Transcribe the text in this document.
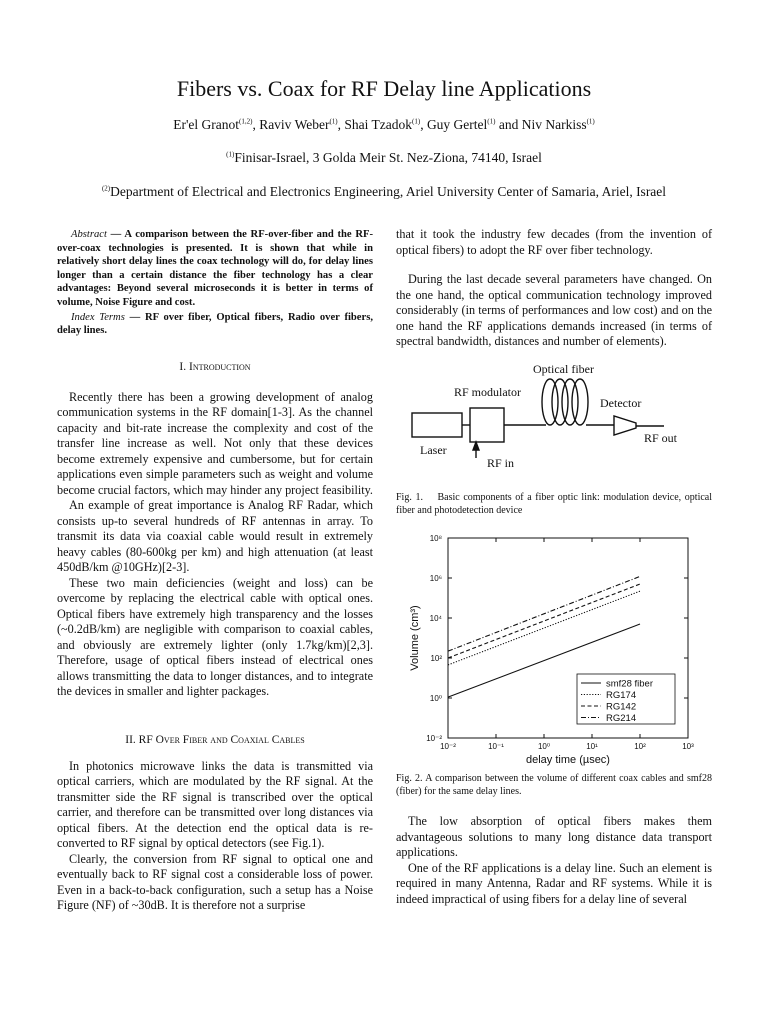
Fibers vs. Coax for RF Delay line Applications
Er'el Granot$^{(1,2)}$, Raviv Weber$^{(1)}$, Shai Tzadok$^{(1)}$, Guy Gertel$^{(1)}$ and Niv Narkiss$^{(1)}$
$^{(1)}$Finisar-Israel, 3 Golda Meir St. Nez-Ziona, 74140, Israel
$^{(2)}$Department of Electrical and Electronics Engineering, Ariel University Center of Samaria, Ariel, Israel
Abstract — A comparison between the RF-over-fiber and the RF-over-coax technologies is presented. It is shown that while in relatively short delay lines the coax technology will do, for delay lines longer than a certain distance the fiber technology has a clear advantages: Beyond several microseconds it is better in terms of volume, Noise Figure and cost.
Index Terms — RF over fiber, Optical fibers, Radio over fibers, delay lines.

I. Introduction

Recently there has been a growing development of analog communication systems in the RF domain[1-3]. As the channel capacity and bit-rate increase the complexity and cost of the transfer line increase as well. Not only that these devices become extremely expensive and cumbersome, but for certain applications even simple parameters such as weight and volume become crucial factors, which may hinder any project feasibility.

An example of great importance is Analog RF Radar, which consists up-to several hundreds of RF antennas in array. To transmit its data via coaxial cable would result in extremely heavy cables (80-600kg per km) and high attenuation (at least 450dB/km @10GHz)[2-3].

These two main deficiencies (weight and loss) can be overcome by replacing the electrical cable with optical ones. Optical fibers have extremely high transparency and the losses (~0.2dB/km) are negligible with comparison to coaxial cables, and obviously are extremely lighter (only 1.7kg/km)[2,3]. Therefore, usage of optical fibers instead of electrical ones allows transmitting the data to longer distances, and to integrate the devices in smaller and lighter packages.

II. RF Over Fiber and Coaxial Cables

In photonics microwave links the data is transmitted via optical carriers, which are modulated by the RF signal. At the transmitter side the RF signal is transcribed over the optical carrier, and therefore can be transmitted over long distances via optical fibers. At the detection end the optical data is re-converted to RF signal by optical detectors (see Fig.1).

Clearly, the conversion from RF signal to optical one and eventually back to RF signal cost a considerable loss of power. Even in a back-to-back configuration, such a setup has a Noise Figure (NF) of ~30dB. It is therefore not a surprise

that it took the industry few decades (from the invention of optical fibers) to adopt the RF over fiber technology.

During the last decade several parameters have changed. On the one hand, the optical communication technology improved considerably (in terms of performances and low cost) and on the one hand the RF applications demands increased (in terms of spectral bandwidth, distances and number of elements).

Optical fiber
RF modulator
Detector
RF out
Laser
RF in
Fig. 1. Basic components of a fiber optic link: modulation device, optical fiber and photodetection device
10⁻²	10⁻¹	10⁰	10¹	10²	10³
10⁸
10⁶
10⁴
10²
10⁰
10⁻²
delay time (µsec)
Volume (cm³)
smf28 fiber
RG174
RG142
RG214
Fig. 2. A comparison between the volume of different coax cables and smf28 (fiber) for the same delay lines.

The low absorption of optical fibers makes them advantageous solutions to many long distance data transport applications.

One of the RF applications is a delay line. Such an element is required in many Antenna, Radar and RF systems. While it is indeed impractical of using fibers for a delay line of several
